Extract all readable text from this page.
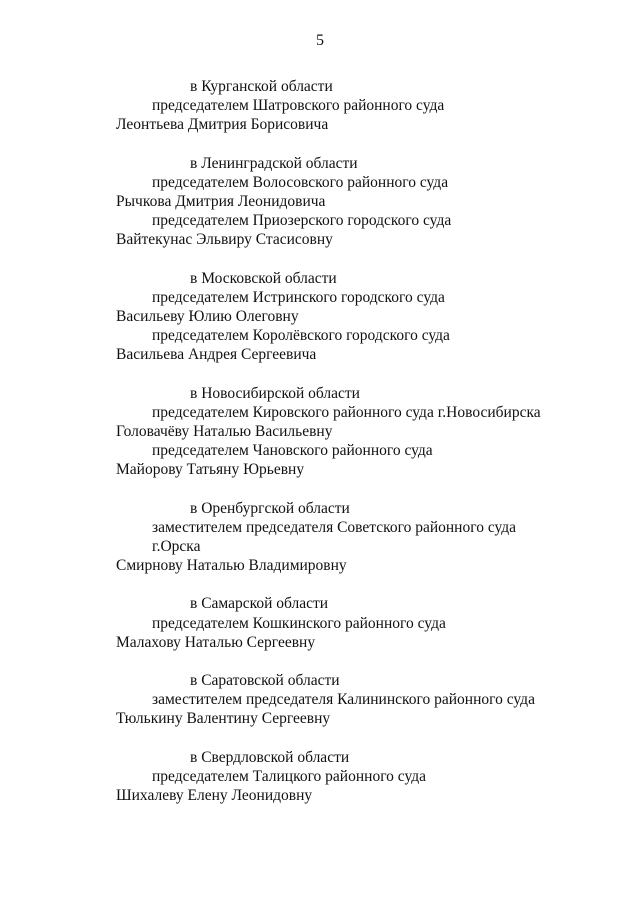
5
в Курганской области
председателем Шатровского районного суда
Леонтьева Дмитрия Борисовича
в Ленинградской области
председателем Волосовского районного суда
Рычкова Дмитрия Леонидовича
председателем Приозерского городского суда
Вайтекунас Эльвиру Стасисовну
в Московской области
председателем Истринского городского суда
Васильеву Юлию Олеговну
председателем Королёвского городского суда
Васильева Андрея Сергеевича
в Новосибирской области
председателем Кировского районного суда г.Новосибирска
Головачёву Наталью Васильевну
председателем Чановского районного суда
Майорову Татьяну Юрьевну
в Оренбургской области
заместителем председателя Советского районного суда
г.Орска
Смирнову Наталью Владимировну
в Самарской области
председателем Кошкинского районного суда
Малахову Наталью Сергеевну
в Саратовской области
заместителем председателя Калининского районного суда
Тюлькину Валентину Сергеевну
в Свердловской области
председателем Талицкого районного суда
Шихалеву Елену Леонидовну
